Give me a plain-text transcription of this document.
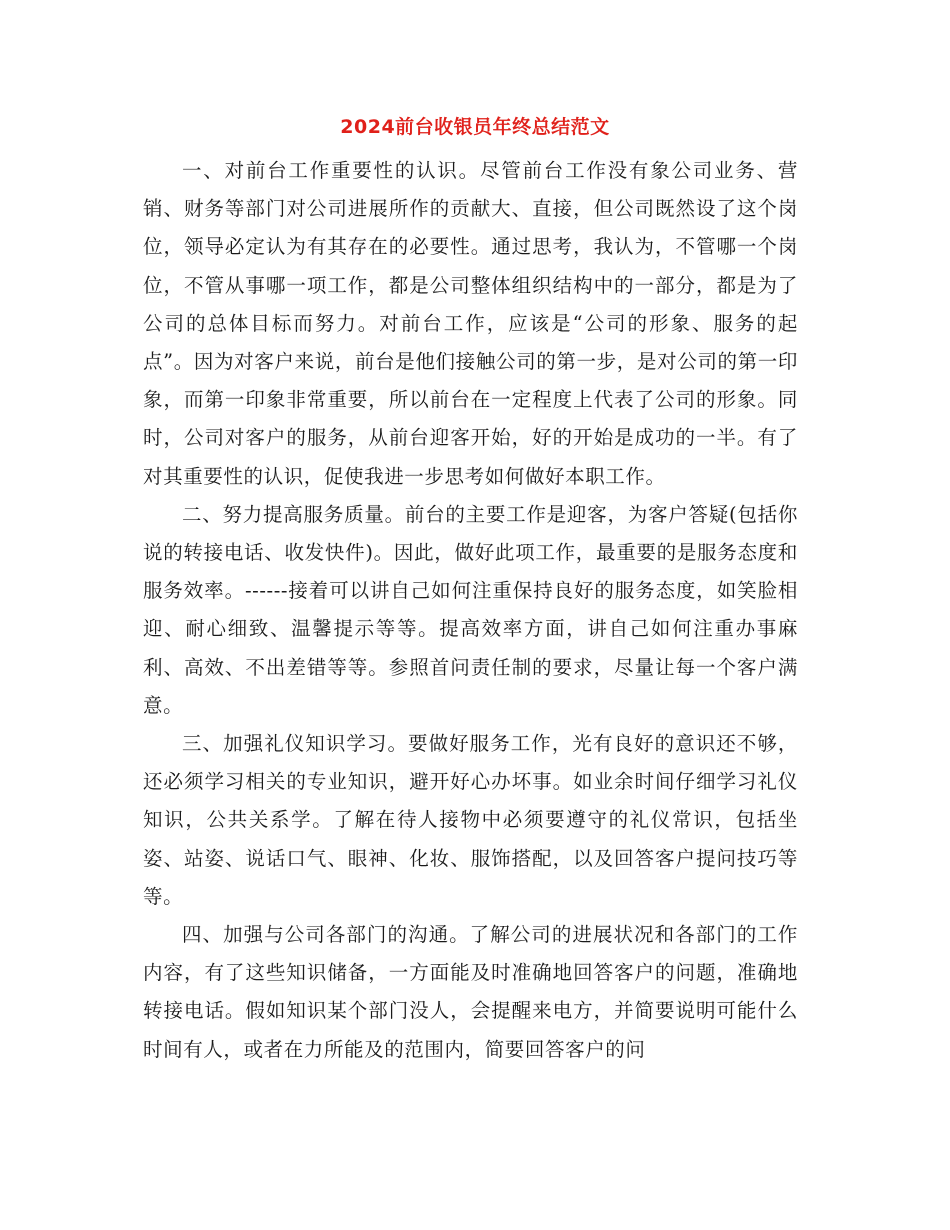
2024前台收银员年终总结范文

一、对前台工作重要性的认识。尽管前台工作没有象公司业务、营销、财务等部门对公司进展所作的贡献大、直接，但公司既然设了这个岗位，领导必定认为有其存在的必要性。通过思考，我认为，不管哪一个岗位，不管从事哪一项工作，都是公司整体组织结构中的一部分，都是为了公司的总体目标而努力。对前台工作，应该是“公司的形象、服务的起点”。因为对客户来说，前台是他们接触公司的第一步，是对公司的第一印象，而第一印象非常重要，所以前台在一定程度上代表了公司的形象。同时，公司对客户的服务，从前台迎客开始，好的开始是成功的一半。有了对其重要性的认识，促使我进一步思考如何做好本职工作。

二、努力提高服务质量。前台的主要工作是迎客，为客户答疑(包括你说的转接电话、收发快件)。因此，做好此项工作，最重要的是服务态度和服务效率。------接着可以讲自己如何注重保持良好的服务态度，如笑脸相迎、耐心细致、温馨提示等等。提高效率方面，讲自己如何注重办事麻利、高效、不出差错等等。参照首问责任制的要求，尽量让每一个客户满意。

三、加强礼仪知识学习。要做好服务工作，光有良好的意识还不够，还必须学习相关的专业知识，避开好心办坏事。如业余时间仔细学习礼仪知识，公共关系学。了解在待人接物中必须要遵守的礼仪常识，包括坐姿、站姿、说话口气、眼神、化妆、服饰搭配，以及回答客户提问技巧等等。

四、加强与公司各部门的沟通。了解公司的进展状况和各部门的工作内容，有了这些知识储备，一方面能及时准确地回答客户的问题，准确地转接电话。假如知识某个部门没人，会提醒来电方，并简要说明可能什么时间有人，或者在力所能及的范围内，简要回答客户的问
